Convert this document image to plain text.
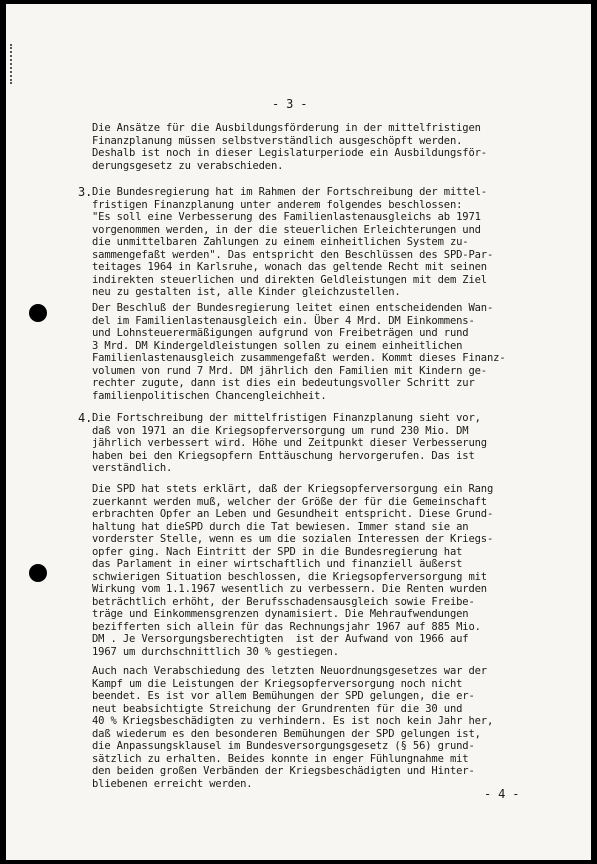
- 3 -
Die Ansätze für die Ausbildungsförderung in der mittelfristigen
Finanzplanung müssen selbstverständlich ausgeschöpft werden.
Deshalb ist noch in dieser Legislaturperiode ein Ausbildungsför-
derungsgesetz zu verabschieden.
3. Die Bundesregierung hat im Rahmen der Fortschreibung der mittel-
fristigen Finanzplanung unter anderem folgendes beschlossen:
"Es soll eine Verbesserung des Familienlastenausgleichs ab 1971
vorgenommen werden, in der die steuerlichen Erleichterungen und
die unmittelbaren Zahlungen zu einem einheitlichen System zu-
sammengefaßt werden". Das entspricht den Beschlüssen des SPD-Par-
teitages 1964 in Karlsruhe, wonach das geltende Recht mit seinen
indirekten steuerlichen und direkten Geldleistungen mit dem Ziel
neu zu gestalten ist, alle Kinder gleichzustellen.
Der Beschluß der Bundesregierung leitet einen entscheidenden Wan-
del im Familienlastenausgleich ein. Über 4 Mrd. DM Einkommens-
und Lohnsteuerermäßigungen aufgrund von Freibeträgen und rund
3 Mrd. DM Kindergeldleistungen sollen zu einem einheitlichen
Familienlastenausgleich zusammengefaßt werden. Kommt dieses Finanz-
volumen von rund 7 Mrd. DM jährlich den Familien mit Kindern ge-
rechter zugute, dann ist dies ein bedeutungsvoller Schritt zur
familienpolitischen Chancengleichheit.
4. Die Fortschreibung der mittelfristigen Finanzplanung sieht vor,
daß von 1971 an die Kriegsopferversorgung um rund 230 Mio. DM
jährlich verbessert wird. Höhe und Zeitpunkt dieser Verbesserung
haben bei den Kriegsopfern Enttäuschung hervorgerufen. Das ist
verständlich.
Die SPD hat stets erklärt, daß der Kriegsopferversorgung ein Rang
zuerkannt werden muß, welcher der Größe der für die Gemeinschaft
erbrachten Opfer an Leben und Gesundheit entspricht. Diese Grund-
haltung hat dieSPD durch die Tat bewiesen. Immer stand sie an
vorderster Stelle, wenn es um die sozialen Interessen der Kriegs-
opfer ging. Nach Eintritt der SPD in die Bundesregierung hat
das Parlament in einer wirtschaftlich und finanziell äußerst
schwierigen Situation beschlossen, die Kriegsopferversorgung mit
Wirkung vom 1.1.1967 wesentlich zu verbessern. Die Renten wurden
beträchtlich erhöht, der Berufsschadensausgleich sowie Freibe-
träge und Einkommensgrenzen dynamisiert. Die Mehraufwendungen
bezifferten sich allein für das Rechnungsjahr 1967 auf 885 Mio.
DM . Je Versorgungsberechtigten  ist der Aufwand von 1966 auf
1967 um durchschnittlich 30 % gestiegen.
Auch nach Verabschiedung des letzten Neuordnungsgesetzes war der
Kampf um die Leistungen der Kriegsopferversorgung noch nicht
beendet. Es ist vor allem Bemühungen der SPD gelungen, die er-
neut beabsichtigte Streichung der Grundrenten für die 30 und
40 % Kriegsbeschädigten zu verhindern. Es ist noch kein Jahr her,
daß wiederum es den besonderen Bemühungen der SPD gelungen ist,
die Anpassungsklausel im Bundesversorgungsgesetz (§ 56) grund-
sätzlich zu erhalten. Beides konnte in enger Fühlungnahme mit
den beiden großen Verbänden der Kriegsbeschädigten und Hinter-
bliebenen erreicht werden.
- 4 -
